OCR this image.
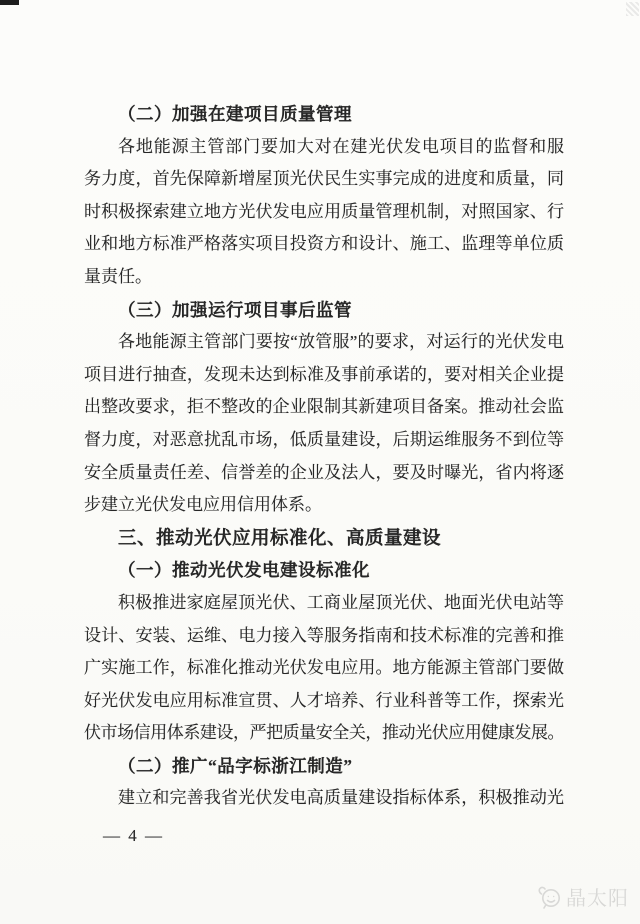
（二）加强在建项目质量管理
各地能源主管部门要加大对在建光伏发电项目的监督和服
务力度，首先保障新增屋顶光伏民生实事完成的进度和质量，同
时积极探索建立地方光伏发电应用质量管理机制，对照国家、行
业和地方标准严格落实项目投资方和设计、施工、监理等单位质
量责任。
（三）加强运行项目事后监管
各地能源主管部门要按“放管服”的要求，对运行的光伏发电
项目进行抽查，发现未达到标准及事前承诺的，要对相关企业提
出整改要求，拒不整改的企业限制其新建项目备案。推动社会监
督力度，对恶意扰乱市场，低质量建设，后期运维服务不到位等
安全质量责任差、信誉差的企业及法人，要及时曝光，省内将逐
步建立光伏发电应用信用体系。
三、推动光伏应用标准化、高质量建设
（一）推动光伏发电建设标准化
积极推进家庭屋顶光伏、工商业屋顶光伏、地面光伏电站等
设计、安装、运维、电力接入等服务指南和技术标准的完善和推
广实施工作，标准化推动光伏发电应用。地方能源主管部门要做
好光伏发电应用标准宣贯、人才培养、行业科普等工作，探索光
伏市场信用体系建设，严把质量安全关，推动光伏应用健康发展。
（二）推广“品字标浙江制造”
建立和完善我省光伏发电高质量建设指标体系，积极推动光
— 4 —
晶太阳
